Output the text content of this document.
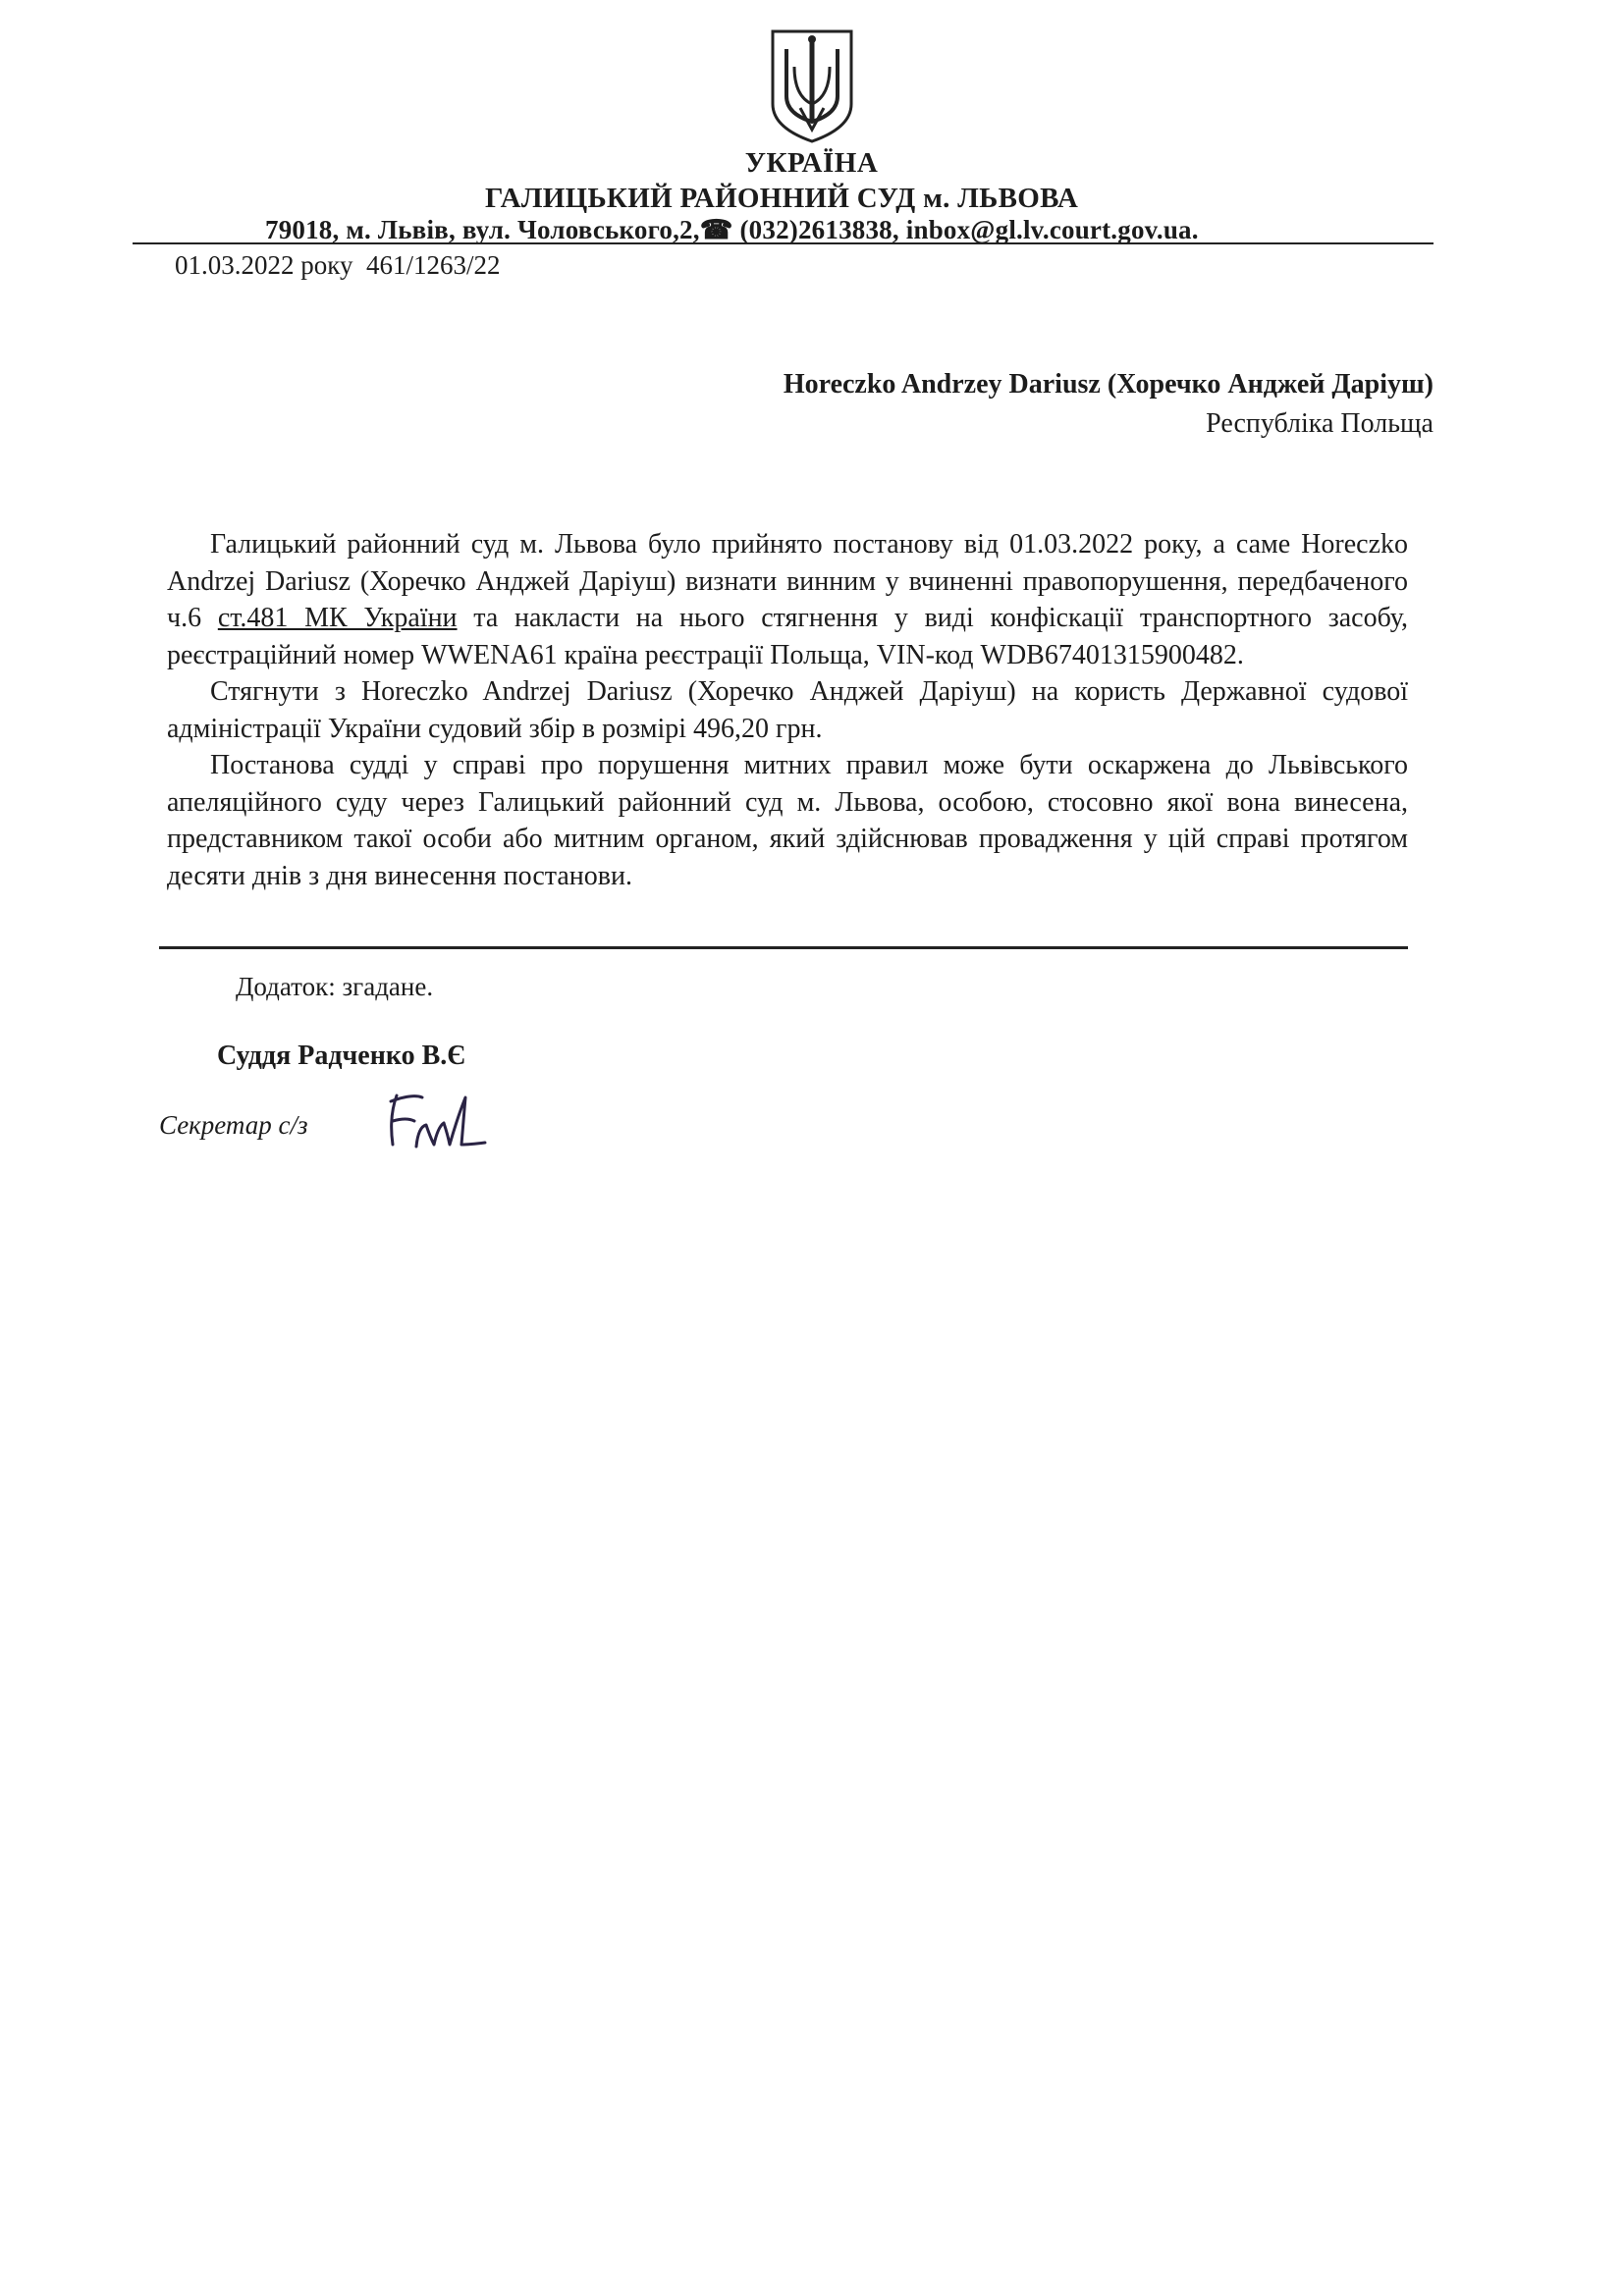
УКРАЇНА
ГАЛИЦЬКИЙ РАЙОННИЙ СУД м. ЛЬВОВА
79018, м. Львів, вул. Чоловського,2,☎ (032)2613838, inbox@gl.lv.court.gov.ua.
01.03.2022 року 461/1263/22
Horeczko Andrzey Dariusz (Хоречко Анджей Даріуш)
Республіка Польща

Галицький районний суд м. Львова було прийнято постанову від 01.03.2022 року, а саме Horeczko Andrzej Dariusz (Хоречко Анджей Даріуш) визнати винним у вчиненні правопорушення, передбаченого ч.6 ст.481 МК України та накласти на нього стягнення у виді конфіскації транспортного засобу, реєстраційний номер WWENA61 країна реєстрації Польща, VIN-код WDB67401315900482.

Стягнути з Horeczko Andrzej Dariusz (Хоречко Анджей Даріуш) на користь Державної судової адміністрації України судовий збір в розмірі 496,20 грн.

Постанова судді у справі про порушення митних правил може бути оскаржена до Львівського апеляційного суду через Галицький районний суд м. Львова, особою, стосовно якої вона винесена, представником такої особи або митним органом, який здійснював провадження у цій справі протягом десяти днів з дня винесення постанови.

Додаток: згадане.
Суддя Радченко В.Є
Секретар с/з
